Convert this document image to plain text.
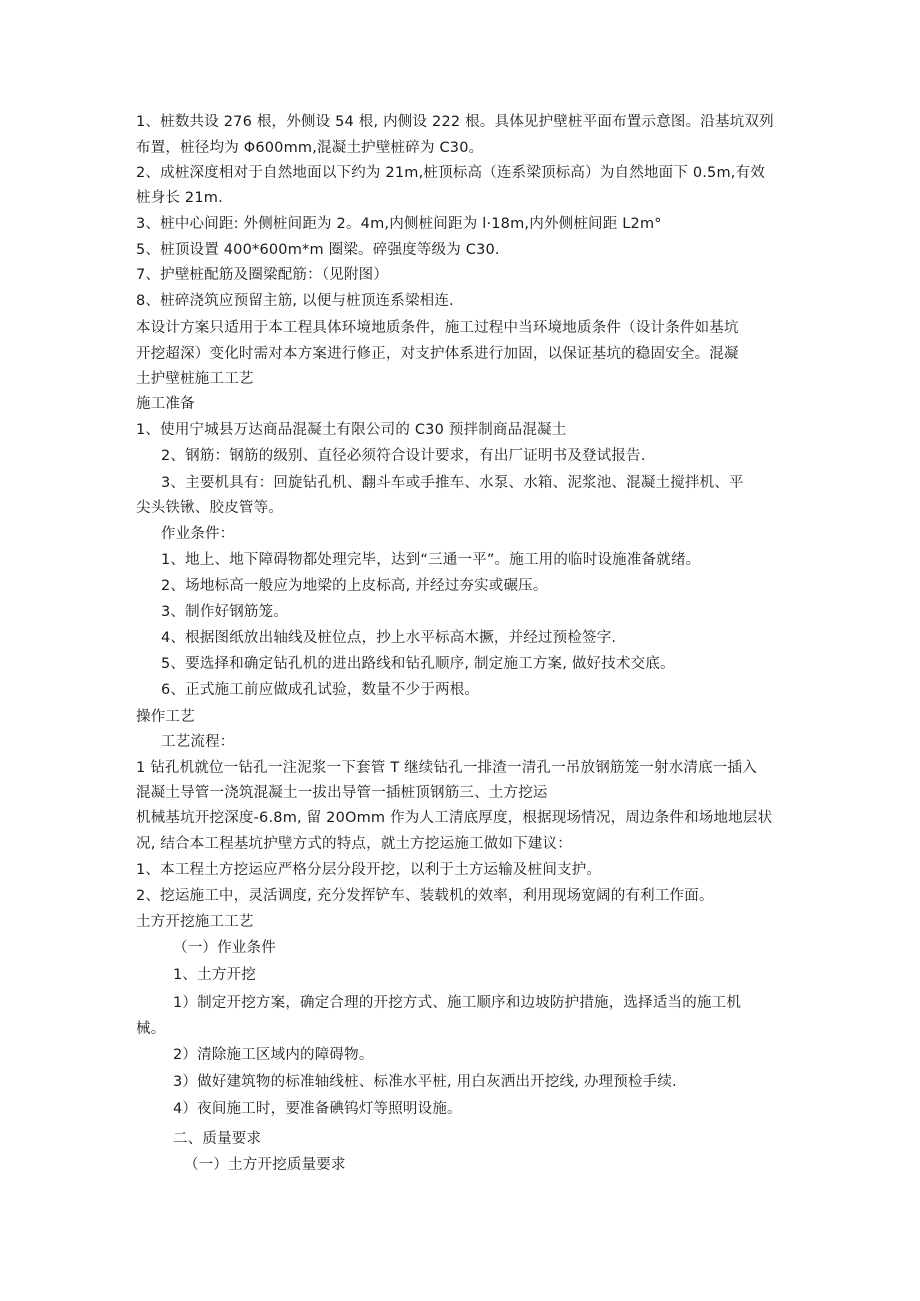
1、桩数共设 276 根，外侧设 54 根, 内侧设 222 根。具体见护壁桩平面布置示意图。沿基坑双列
布置，桩径均为 Φ600mm,混凝土护壁桩碎为 C30。
2、成桩深度相对于自然地面以下约为 21m,桩顶标高（连系梁顶标高）为自然地面下 0.5m,有效
桩身长 21m.
3、桩中心间距: 外侧桩间距为 2。4m,内侧桩间距为 l·18m,内外侧桩间距 L2m°
5、桩顶设置 400*600m*m 圈梁。碎强度等级为 C30.
7、护壁桩配筋及圈梁配筋：（见附图）
8、桩碎浇筑应预留主筋, 以便与桩顶连系梁相连.
本设计方案只适用于本工程具体环境地质条件，施工过程中当环境地质条件（设计条件如基坑
开挖超深）变化时需对本方案进行修正，对支护体系进行加固，以保证基坑的稳固安全。混凝
土护壁桩施工工艺
施工准备
1、使用宁城县万达商品混凝土有限公司的 C30 预拌制商品混凝土
2、钢筋：钢筋的级别、直径必须符合设计要求，有出厂证明书及登试报告.
3、主要机具有：回旋钻孔机、翻斗车或手推车、水泵、水箱、泥浆池、混凝土搅拌机、平
尖头铁锹、胶皮管等。
作业条件：
1、地上、地下障碍物都处理完毕，达到“三通一平”。施工用的临时设施准备就绪。
2、场地标高一般应为地梁的上皮标高, 并经过夯实或碾压。
3、制作好钢筋笼。
4、根据图纸放出轴线及桩位点，抄上水平标高木撅，并经过预检签字.
5、要选择和确定钻孔机的进出路线和钻孔顺序, 制定施工方案, 做好技术交底。
6、正式施工前应做成孔试验，数量不少于两根。
操作工艺
工艺流程：
1 钻孔机就位一钻孔一注泥浆一下套管 T 继续钻孔一排渣一清孔一吊放钢筋笼一射水清底一插入
混凝土导管一浇筑混凝土一拔出导管一插桩顶钢筋三、土方挖运
机械基坑开挖深度-6.8m, 留 20Omm 作为人工清底厚度，根据现场情况，周边条件和场地地层状
况, 结合本工程基坑护壁方式的特点，就土方挖运施工做如下建议：
1、本工程土方挖运应严格分层分段开挖，以利于土方运输及桩间支护。
2、挖运施工中，灵活调度, 充分发挥铲车、装载机的效率，利用现场宽阔的有利工作面。
土方开挖施工工艺
（一）作业条件
1、土方开挖
1）制定开挖方案，确定合理的开挖方式、施工顺序和边坡防护措施，选择适当的施工机
械。
2）清除施工区域内的障碍物。
3）做好建筑物的标准轴线桩、标准水平桩, 用白灰洒出开挖线, 办理预检手续.
4）夜间施工时，要准备碘钨灯等照明设施。
二、质量要求
（一）土方开挖质量要求
